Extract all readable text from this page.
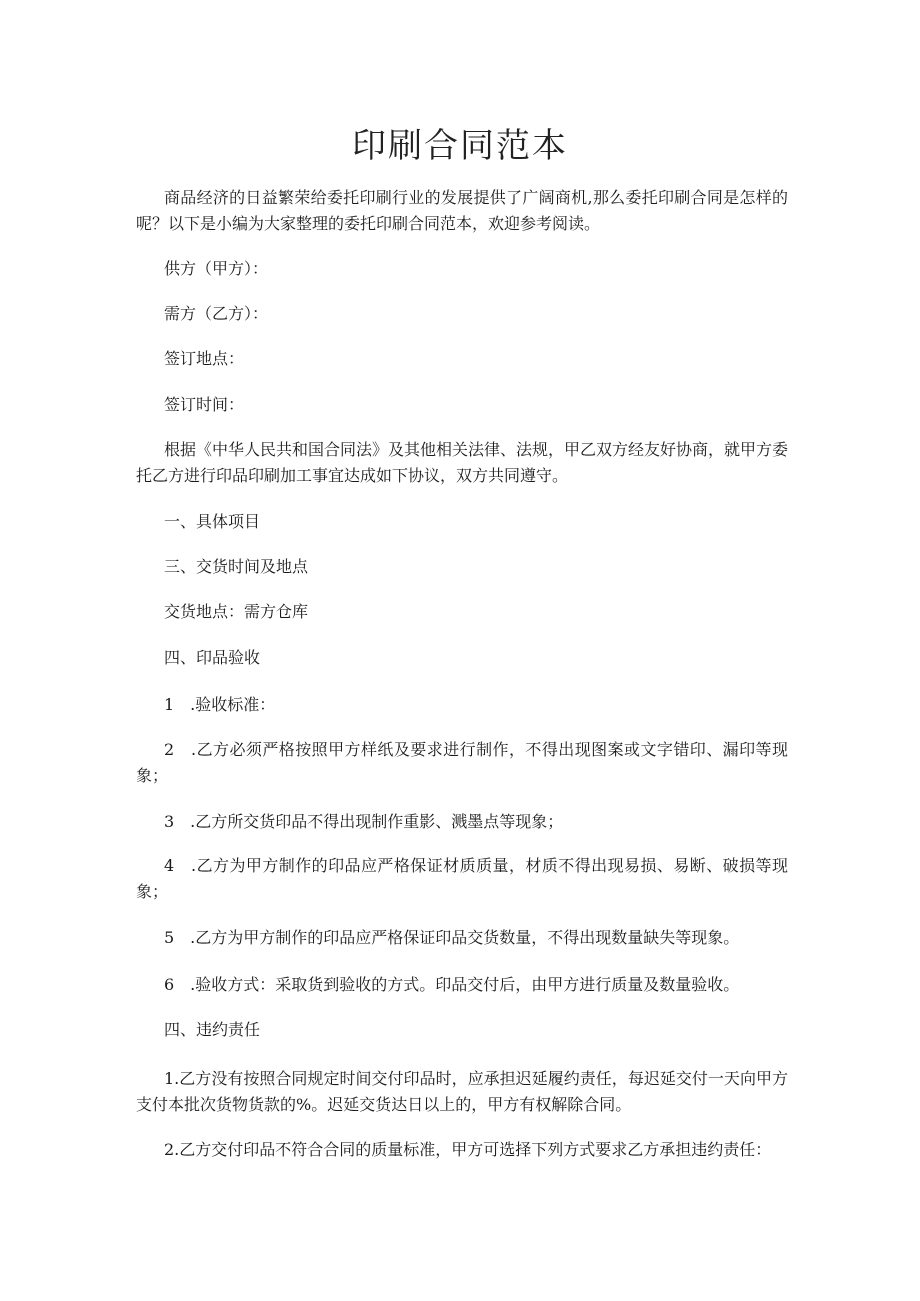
印刷合同范本

商品经济的日益繁荣给委托印刷行业的发展提供了广阔商机,那么委托印刷合同是怎样的呢？以下是小编为大家整理的委托印刷合同范本，欢迎参考阅读。

供方（甲方）：

需方（乙方）：

签订地点：

签订时间：

根据《中华人民共和国合同法》及其他相关法律、法规，甲乙双方经友好协商，就甲方委托乙方进行印品印刷加工事宜达成如下协议，双方共同遵守。

一、具体项目

三、交货时间及地点

交货地点：需方仓库

四、印品验收

1　.验收标准：

2　.乙方必须严格按照甲方样纸及要求进行制作，不得出现图案或文字错印、漏印等现象；

3　.乙方所交货印品不得出现制作重影、溅墨点等现象；

4　.乙方为甲方制作的印品应严格保证材质质量，材质不得出现易损、易断、破损等现象；

5　.乙方为甲方制作的印品应严格保证印品交货数量，不得出现数量缺失等现象。

6　.验收方式：采取货到验收的方式。印品交付后，由甲方进行质量及数量验收。

四、违约责任

1.乙方没有按照合同规定时间交付印品时，应承担迟延履约责任，每迟延交付一天向甲方支付本批次货物货款的%。迟延交货达日以上的，甲方有权解除合同。

2.乙方交付印品不符合合同的质量标准，甲方可选择下列方式要求乙方承担违约责任：
